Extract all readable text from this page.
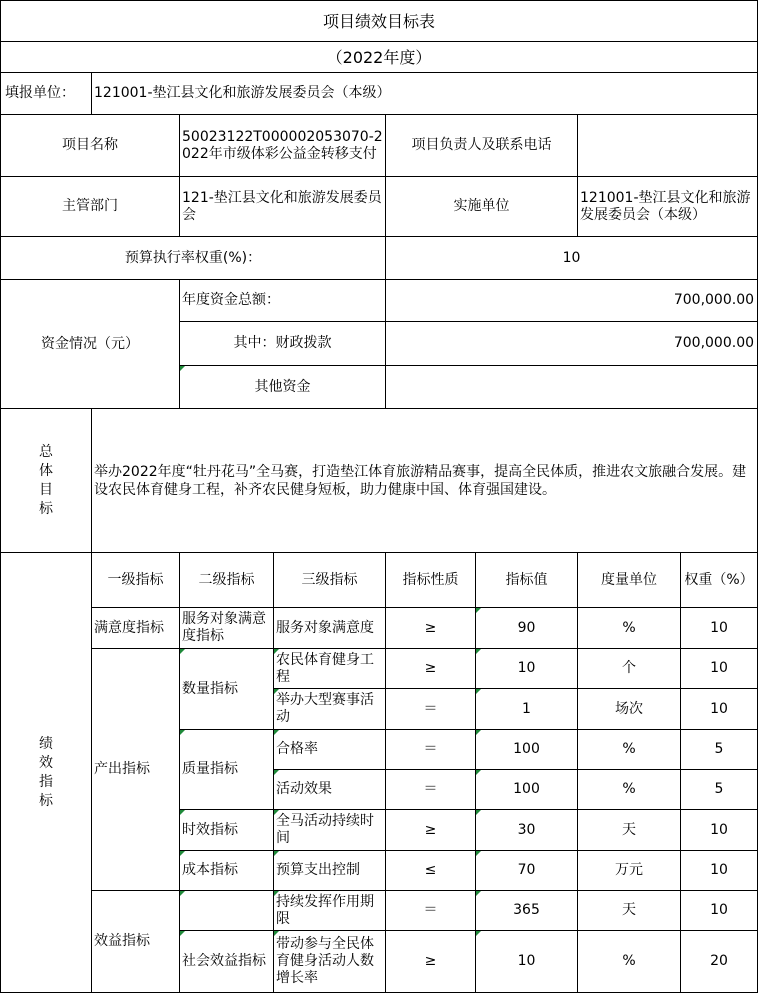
项目绩效目标表							
（2022年度）							
填报单位：	121001-垫江县文化和旅游发展委员会（本级）						
项目名称		50023122T000002053070-2022年市级体彩公益金转移支付		项目负责人及联系电话			
主管部门		121-垫江县文化和旅游发展委员会		实施单位		121001-垫江县文化和旅游发展委员会（本级）	
预算执行率权重(%)：				10			
资金情况（元）		年度资金总额：		700,000.00			
		其中：财政拨款		700,000.00			
		其他资金					

总体目标	举办2022年度“牡丹花马”全马赛，打造垫江体育旅游精品赛事，提高全民体质，推进农文旅融合发展。建设农民体育健身工程，补齐农民健身短板，助力健康中国、体育强国建设。						

绩效指标	一级指标	二级指标	三级指标	指标性质	指标值	度量单位	权重（%）
	满意度指标	服务对象满意度指标	服务对象满意度	≥	90	%	10
	产出指标	数量指标	农民体育健身工程	≥	10	个	10
			举办大型赛事活动	＝	1	场次	10
		质量指标	合格率	＝	100	%	5
			活动效果	＝	100	%	5
		时效指标	全马活动持续时间	≥	30	天	10
		成本指标	预算支出控制	≤	70	万元	10
	效益指标		持续发挥作用期限	＝	365	天	10
		社会效益指标	带动参与全民体育健身活动人数增长率	≥	10	%	20
